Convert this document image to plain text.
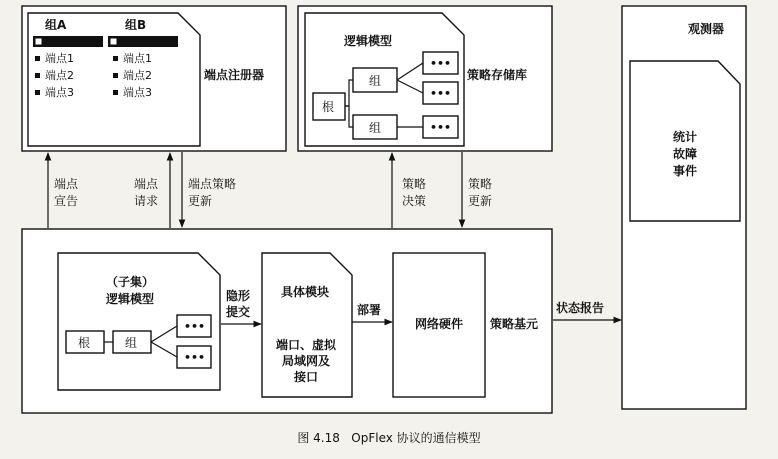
组A	组B
端点1
端点2
端点3
端点1
端点2
端点3
端点注册器
逻辑模型
根
组
组
•••
•••
•••
策略存储库
观测器
统计
故障
事件
端点
宣告
端点
请求
端点策略
更新
策略
决策
策略
更新
（子集）
逻辑模型
根	组
•••
•••
隐形
提交
具体模块
端口、虚拟
局域网及
接口
部署
网络硬件 策略基元
状态报告
图 4.18   OpFlex 协议的通信模型
